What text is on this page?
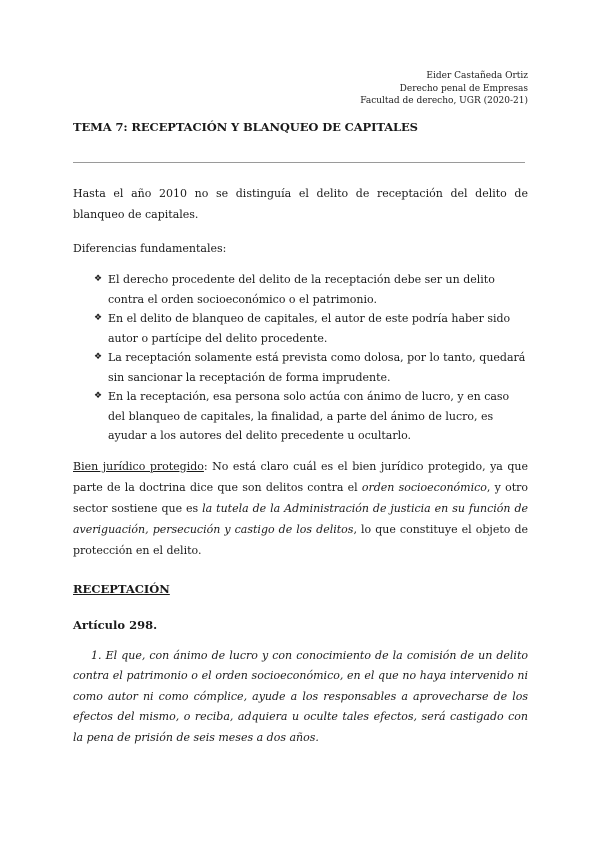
Eider Castañeda Ortiz
Derecho penal de Empresas
Facultad de derecho, UGR (2020-21)
TEMA 7: RECEPTACIÓN Y BLANQUEO DE CAPITALES

Hasta el año 2010 no se distinguía el delito de receptación del delito de blanqueo de capitales.

Diferencias fundamentales:

❖ El derecho procedente del delito de la receptación debe ser un delito contra el orden socioeconómico o el patrimonio.
❖ En el delito de blanqueo de capitales, el autor de este podría haber sido autor o partícipe del delito procedente.
❖ La receptación solamente está prevista como dolosa, por lo tanto, quedará sin sancionar la receptación de forma imprudente.
❖ En la receptación, esa persona solo actúa con ánimo de lucro, y en caso del blanqueo de capitales, la finalidad, a parte del ánimo de lucro, es ayudar a los autores del delito precedente u ocultarlo.

Bien jurídico protegido: No está claro cuál es el bien jurídico protegido, ya que parte de la doctrina dice que son delitos contra el orden socioeconómico, y otro sector sostiene que es la tutela de la Administración de justicia en su función de averiguación, persecución y castigo de los delitos, lo que constituye el objeto de protección en el delito.

RECEPTACIÓN

Artículo 298.

1. El que, con ánimo de lucro y con conocimiento de la comisión de un delito contra el patrimonio o el orden socioeconómico, en el que no haya intervenido ni como autor ni como cómplice, ayude a los responsables a aprovecharse de los efectos del mismo, o reciba, adquiera u oculte tales efectos, será castigado con la pena de prisión de seis meses a dos años.
